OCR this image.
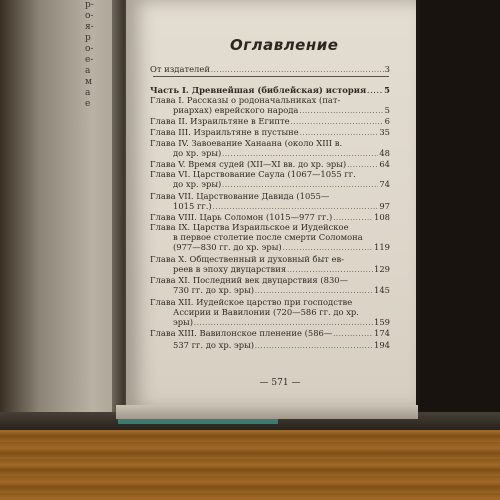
р-
о-
я-
р
о-
е-
а
м
а
е
Оглавление
От издателей . . .	3
Часть I. Древнейшая (библейская) история . . . 5
Глава I. Рассказы о родоначальниках (пат-
риархах) еврейского народа . . .	5
Глава II. Израильтяне в Египте . . .	6
Глава III. Израильтяне в пустыне . . .	35
Глава IV. Завоевание Ханаана (около XIII в.
до хр. эры) . . .	48
Глава V. Время судей (XII—XI вв. до хр. эры) . . .	64
Глава VI. Царствование Саула (1067—1055 гг.
до хр. эры) . . .	74
Глава VII. Царствование Давида (1055—
1015 гг.) . . .	97
Глава VIII. Царь Соломон (1015—977 гг.) . . .	108
Глава IX. Царства Израильское и Иудейское
в первое столетие после смерти Соломона
(977—830 гг. до хр. эры) . . .	119
Глава X. Общественный и духовный быт ев-
реев в эпоху двуцарствия . . .	129
Глава XI. Последний век двуцарствия (830—
730 гг. до хр. эры) . . .	145
Глава XII. Иудейское царство при господстве
Ассирии и Вавилонии (720—586 гг. до хр.
эры) . . .	159
Глава XIII. Вавилонское пленение (586— . . .	174
537 гг. до хр. эры) . . .	194
— 571 —
